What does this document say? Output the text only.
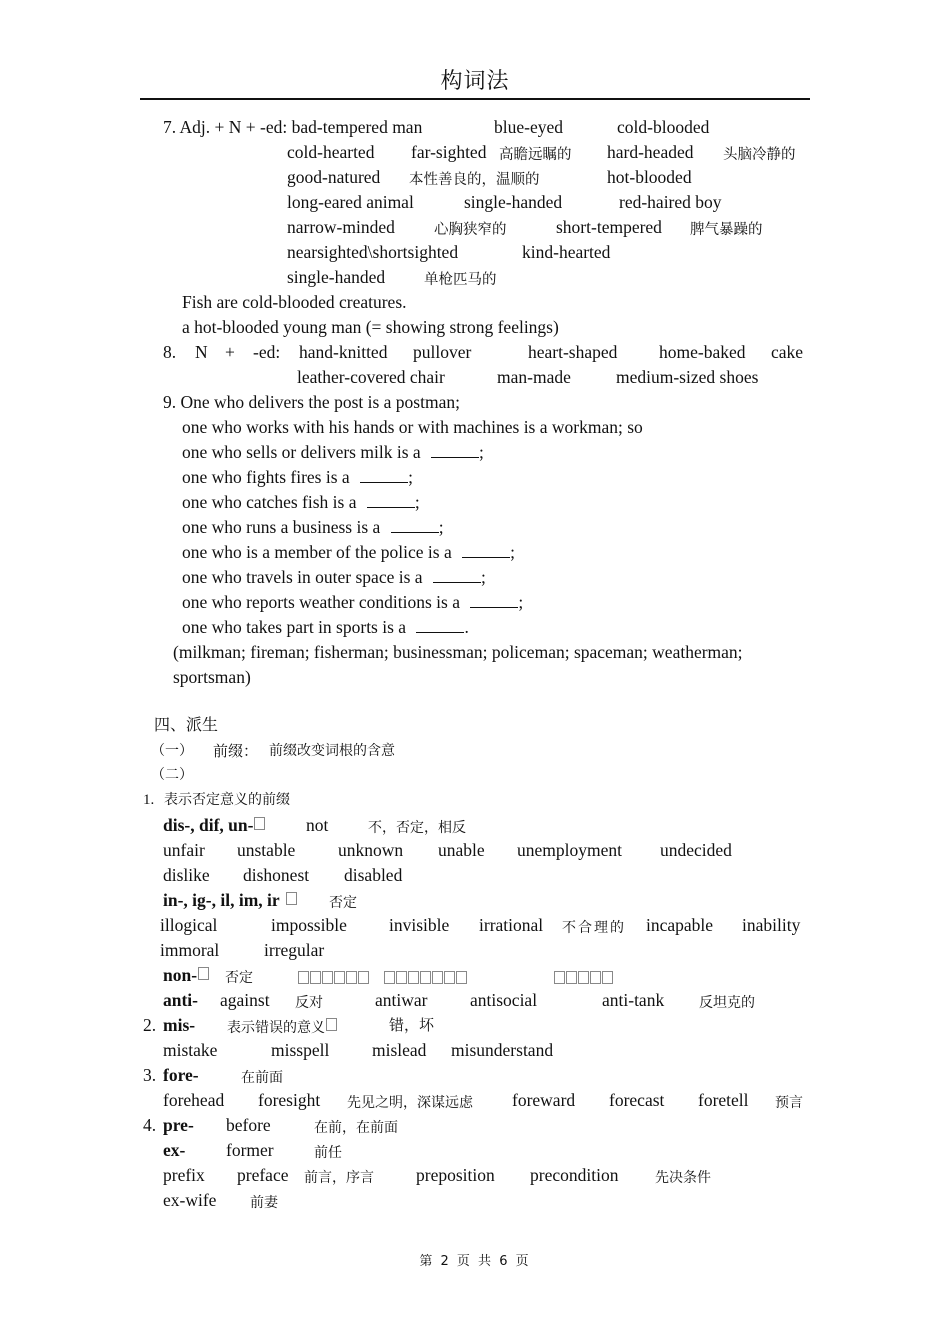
构词法
7. Adj. + N + -ed: bad-tempered man	blue-eyed	cold-blooded
cold-hearted far-sighted 高瞻远瞩的 hard-headed 头脑冷静的
good-natured 本性善良的，温顺的	hot-blooded
long-eared animal	single-handed	red-haired boy
narrow-minded	心胸狭窄的	short-tempered 脾气暴躁的
nearsighted\shortsighted	kind-hearted
single-handed	单枪匹马的
Fish are cold-blooded creatures.
a hot-blooded young man (= showing strong feelings)
8. N + -ed: hand-knitted pullover	heart-shaped home-baked cake
leather-covered chair	man-made	medium-sized shoes
9. One who delivers the post is a postman;
one who works with his hands or with machines is a workman; so
one who sells or delivers milk is a	;
one who fights fires is a	;
one who catches fish is a	;
one who runs a business is a	;
one who is a member of the police is a	;
one who travels in outer space is a	;
one who reports weather conditions is a	;
one who takes part in sports is a	.
(milkman; fireman; fisherman; businessman; policeman; spaceman; weatherman;
sportsman)
四、派生
（一） 前缀： 前缀改变词根的含意
（二）
1. 表示否定意义的前缀
dis-, dif, un-	not	不，否定，相反
unfair unstable unknown unable unemployment undecided
dislike dishonest disabled
in-, ig-, il, im, ir	否定
illogical	impossible invisible irrational 不合理的 incapable inability
immoral	irregular
non-	否定
anti- against 反对	antiwar antisocial	anti-tank 反坦克的
2. mis- 表示错误的意义	错，坏
mistake	misspell mislead misunderstand
3. fore-	在前面
forehead foresight 先见之明，深谋远虑 foreward forecast foretell 预言
4. pre- before	在前，在前面
ex- former	前任
prefix preface 前言，序言 preposition precondition	先决条件
ex-wife 前妻
第 2 页 共 6 页
